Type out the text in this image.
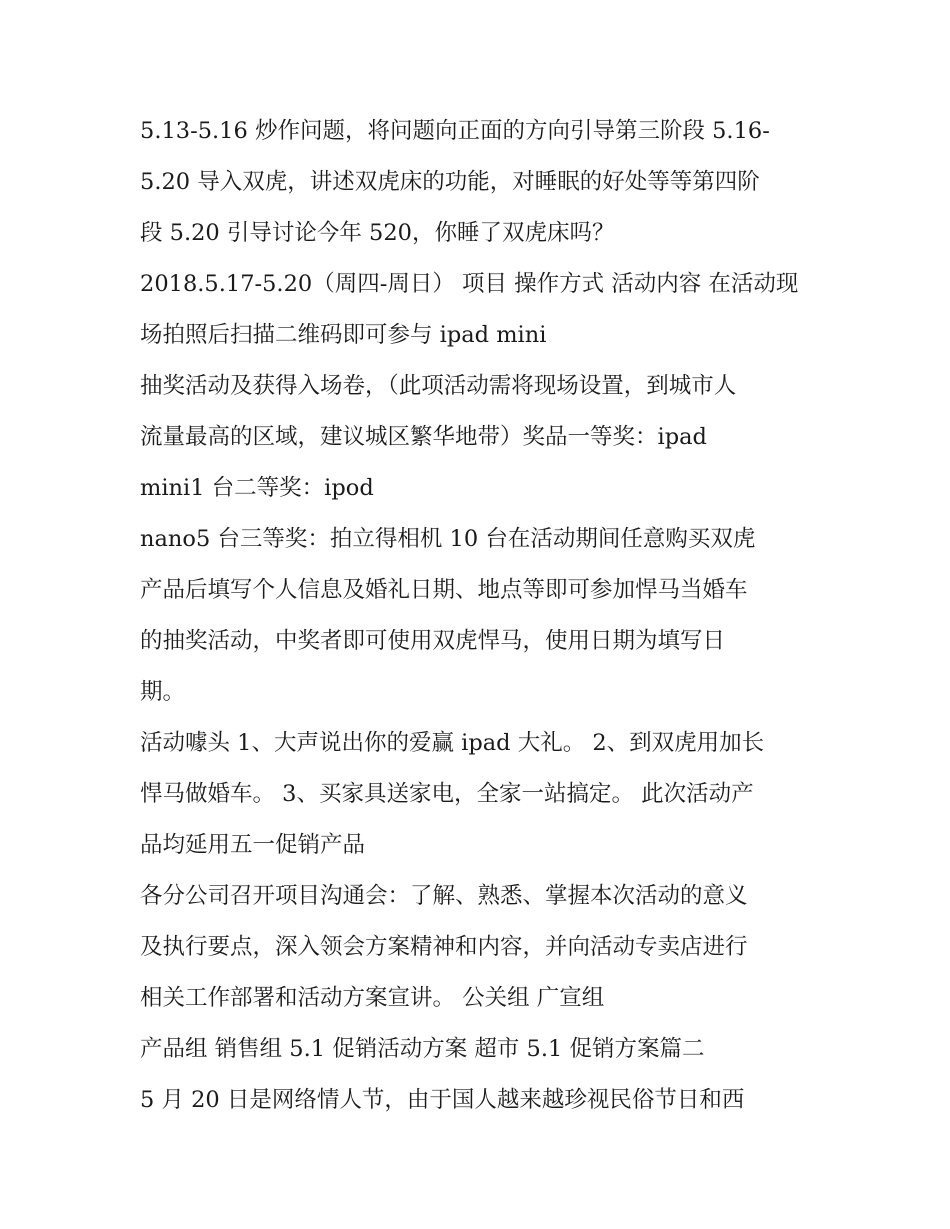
5.13-5.16 炒作问题，将问题向正面的方向引导第三阶段 5.16-
5.20 导入双虎，讲述双虎床的功能，对睡眠的好处等等第四阶
段 5.20 引导讨论今年 520，你睡了双虎床吗？
2018.5.17-5.20（周四-周日） 项目 操作方式 活动内容 在活动现
场拍照后扫描二维码即可参与 ipad mini
抽奖活动及获得入场卷，（此项活动需将现场设置，到城市人
流量最高的区域，建议城区繁华地带）奖品一等奖：ipad
mini1 台二等奖：ipod
nano5 台三等奖：拍立得相机 10 台在活动期间任意购买双虎
产品后填写个人信息及婚礼日期、地点等即可参加悍马当婚车
的抽奖活动，中奖者即可使用双虎悍马，使用日期为填写日
期。
活动噱头 1、大声说出你的爱赢 ipad 大礼。 2、到双虎用加长
悍马做婚车。 3、买家具送家电，全家一站搞定。 此次活动产
品均延用五一促销产品
各分公司召开项目沟通会：了解、熟悉、掌握本次活动的意义
及执行要点，深入领会方案精神和内容，并向活动专卖店进行
相关工作部署和活动方案宣讲。 公关组 广宣组
产品组 销售组 5.1 促销活动方案 超市 5.1 促销方案篇二
5 月 20 日是网络情人节，由于国人越来越珍视民俗节日和西
